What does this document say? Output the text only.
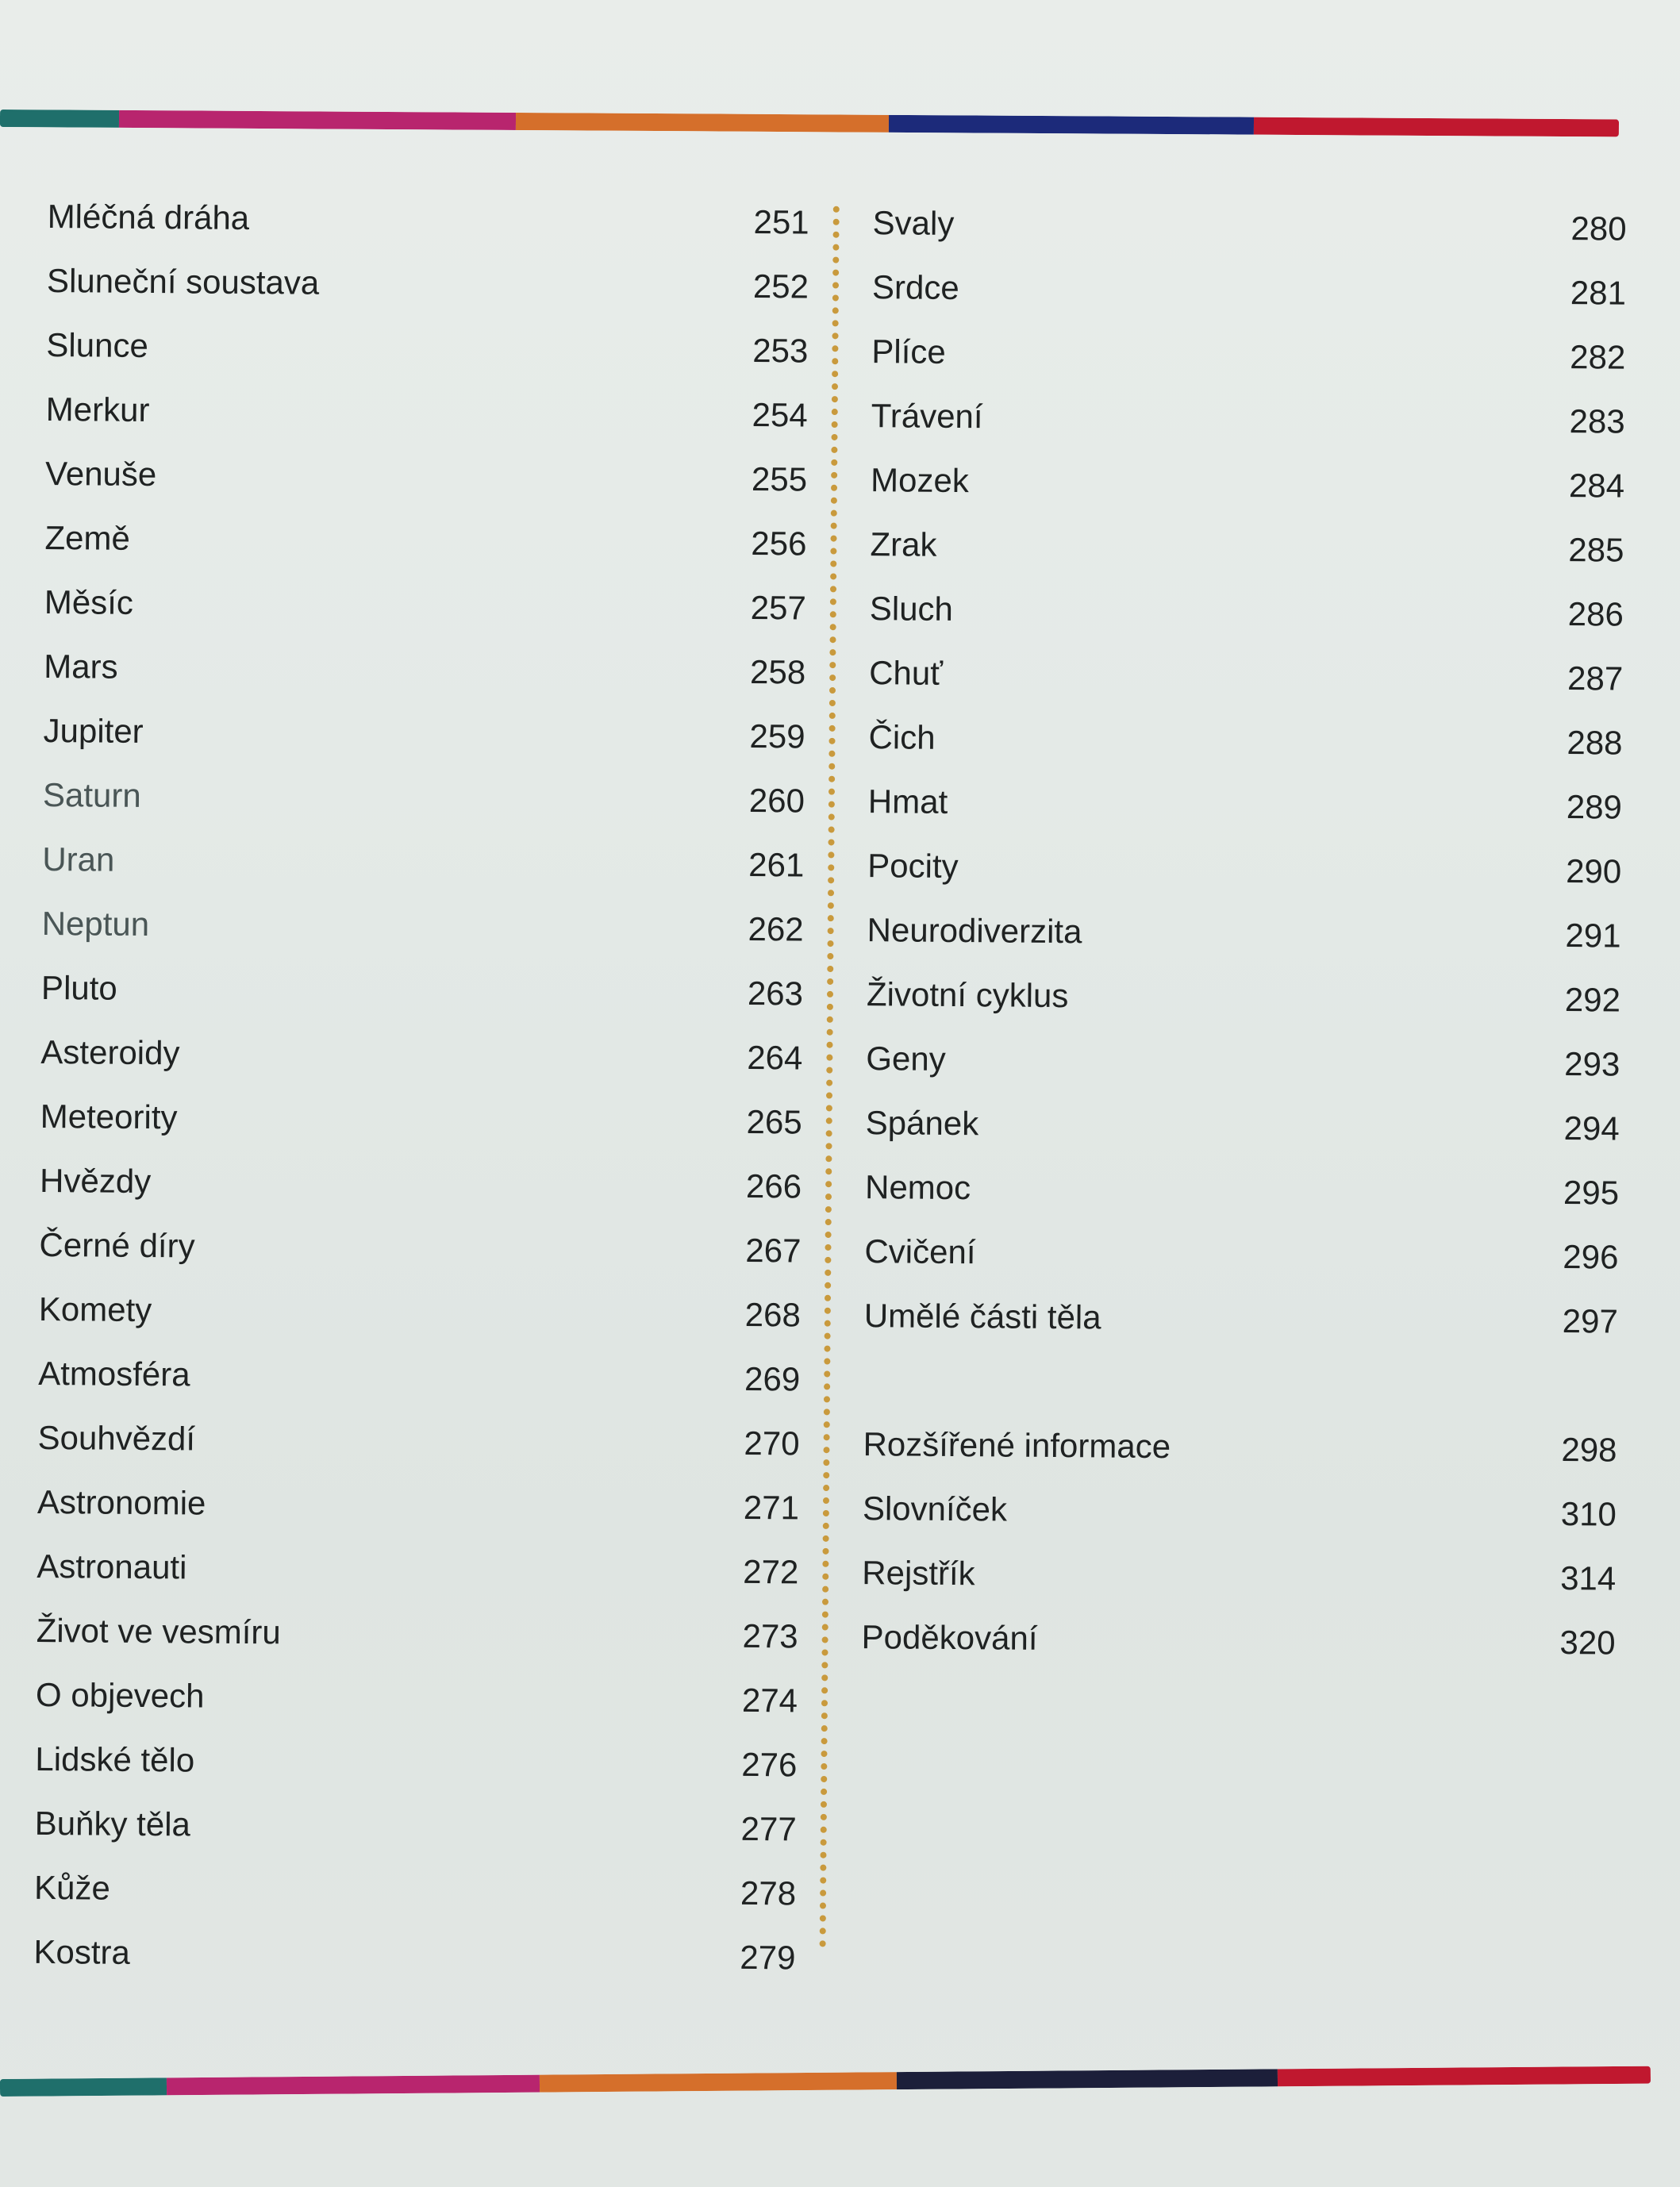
Mléčná dráha	251
Sluneční soustava	252
Slunce	253
Merkur	254
Venuše	255
Země	256
Měsíc	257
Mars	258
Jupiter	259
Saturn	260
Uran	261
Neptun	262
Pluto	263
Asteroidy	264
Meteority	265
Hvězdy	266
Černé díry	267
Komety	268
Atmosféra	269
Souhvězdí	270
Astronomie	271
Astronauti	272
Život ve vesmíru	273
O objevech	274
Lidské tělo	276
Buňky těla	277
Kůže	278
Kostra	279
Svaly	280
Srdce	281
Plíce	282
Trávení	283
Mozek	284
Zrak	285
Sluch	286
Chuť	287
Čich	288
Hmat	289
Pocity	290
Neurodiverzita	291
Životní cyklus	292
Geny	293
Spánek	294
Nemoc	295
Cvičení	296
Umělé části těla	297
Rozšířené informace	298
Slovníček	310
Rejstřík	314
Poděkování	320
